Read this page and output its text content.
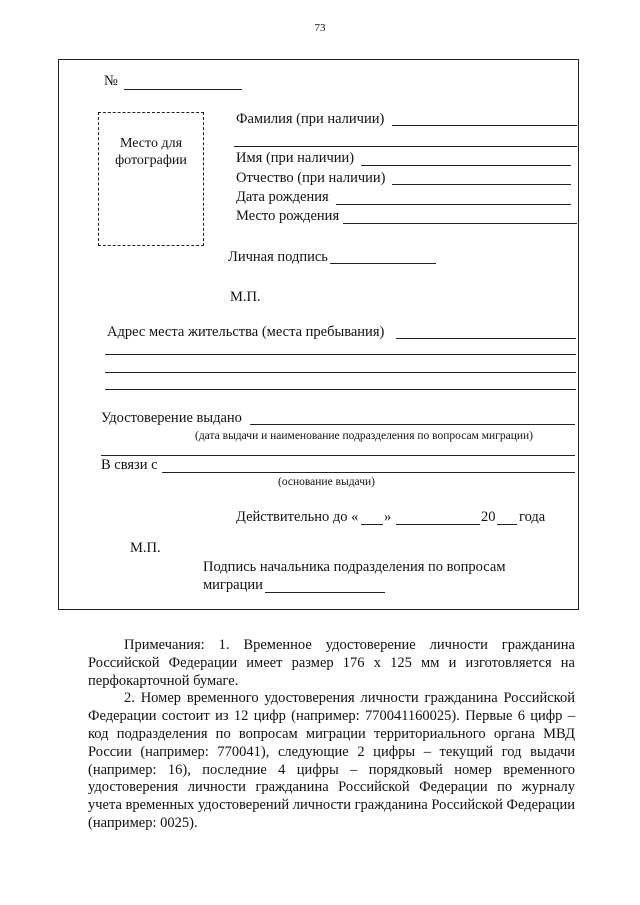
73
№
Место для фотографии
Фамилия (при наличии)
Имя (при наличии)
Отчество (при наличии)
Дата рождения
Место рождения
Личная подпись
М.П.
Адрес места жительства (места пребывания)
Удостоверение выдано
(дата выдачи и наименование подразделения по вопросам миграции)
В связи с
(основание выдачи)
Действительно до « »	20 года
М.П.
Подпись начальника подразделения по вопросам
миграции

Примечания: 1. Временное удостоверение личности гражданина Российской Федерации имеет размер 176 х 125 мм и изготовляется на перфокарточной бумаге.

2. Номер временного удостоверения личности гражданина Российской Федерации состоит из 12 цифр (например: 770041160025). Первые 6 цифр – код подразделения по вопросам миграции территориального органа МВД России (например: 770041), следующие 2 цифры – текущий год выдачи (например: 16), последние 4 цифры – порядковый номер временного удостоверения личности гражданина Российской Федерации по журналу учета временных удостоверений личности гражданина Российской Федерации (например: 0025).
